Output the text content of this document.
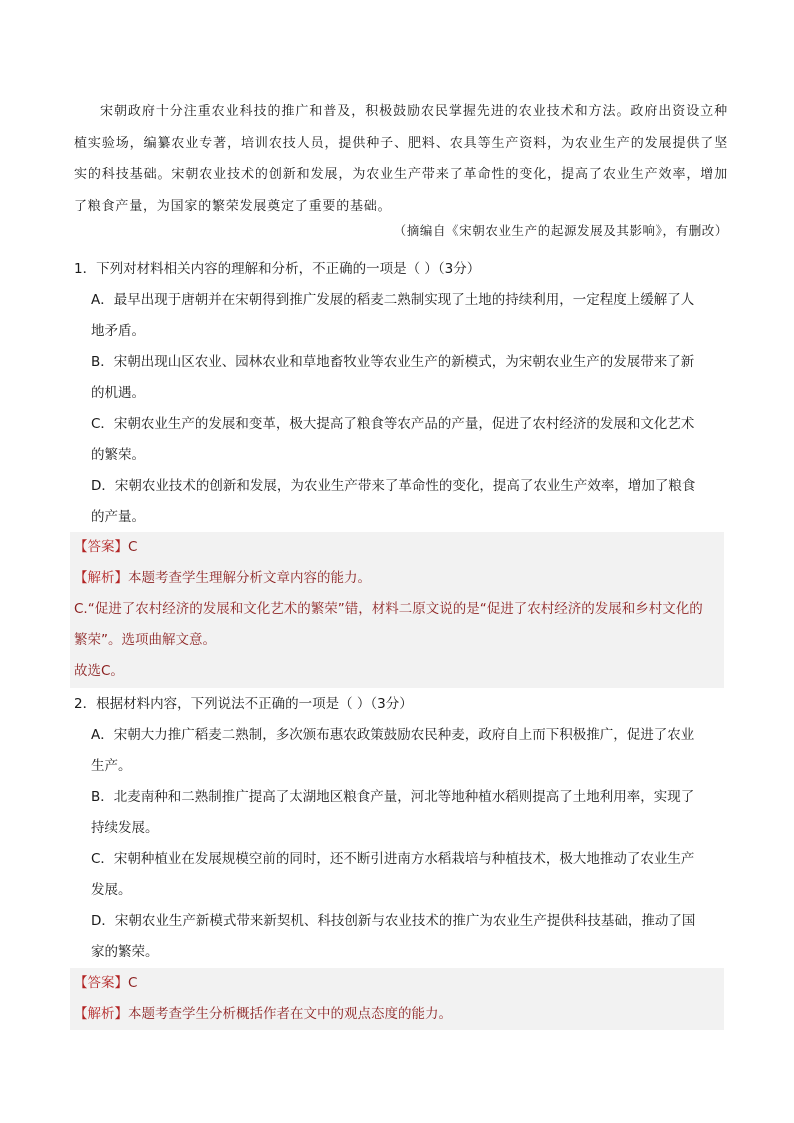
宋朝政府十分注重农业科技的推广和普及，积极鼓励农民掌握先进的农业技术和方法。政府出资设立种植实验场，编纂农业专著，培训农技人员，提供种子、肥料、农具等生产资料，为农业生产的发展提供了坚实的科技基础。宋朝农业技术的创新和发展，为农业生产带来了革命性的变化，提高了农业生产效率，增加了粮食产量，为国家的繁荣发展奠定了重要的基础。

（摘编自《宋朝农业生产的起源发展及其影响》，有删改）

1．下列对材料相关内容的理解和分析，不正确的一项是（ ）（3分）

A．最早出现于唐朝并在宋朝得到推广发展的稻麦二熟制实现了土地的持续利用，一定程度上缓解了人
地矛盾。

B．宋朝出现山区农业、园林农业和草地畜牧业等农业生产的新模式，为宋朝农业生产的发展带来了新
的机遇。

C．宋朝农业生产的发展和变革，极大提高了粮食等农产品的产量，促进了农村经济的发展和文化艺术
的繁荣。

D．宋朝农业技术的创新和发展，为农业生产带来了革命性的变化，提高了农业生产效率，增加了粮食
的产量。

【答案】C

【解析】本题考查学生理解分析文章内容的能力。

C.“促进了农村经济的发展和文化艺术的繁荣”错，材料二原文说的是“促进了农村经济的发展和乡村文化的
繁荣”。选项曲解文意。

故选C。

2．根据材料内容，下列说法不正确的一项是（ ）（3分）

A．宋朝大力推广稻麦二熟制，多次颁布惠农政策鼓励农民种麦，政府自上而下积极推广，促进了农业
生产。

B．北麦南种和二熟制推广提高了太湖地区粮食产量，河北等地种植水稻则提高了土地利用率，实现了
持续发展。

C．宋朝种植业在发展规模空前的同时，还不断引进南方水稻栽培与种植技术，极大地推动了农业生产
发展。

D．宋朝农业生产新模式带来新契机、科技创新与农业技术的推广为农业生产提供科技基础，推动了国
家的繁荣。

【答案】C

【解析】本题考查学生分析概括作者在文中的观点态度的能力。
